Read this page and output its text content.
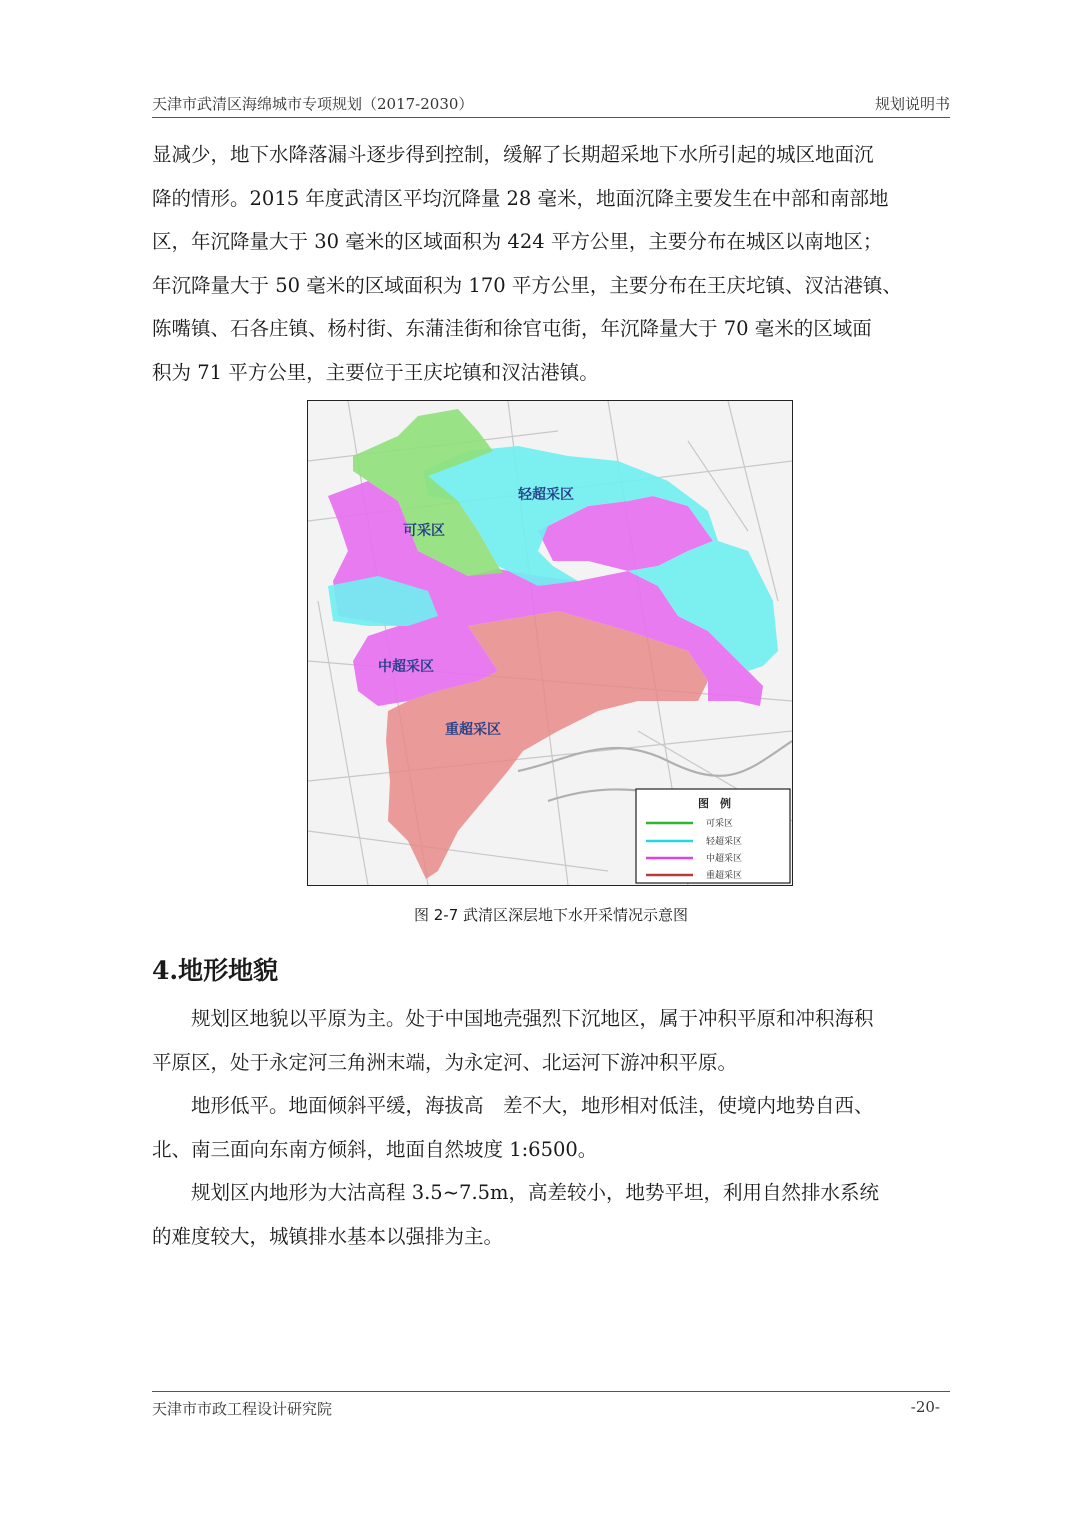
天津市武清区海绵城市专项规划（2017-2030）	规划说明书

显减少，地下水降落漏斗逐步得到控制，缓解了长期超采地下水所引起的城区地面沉
降的情形。2015 年度武清区平均沉降量 28 毫米，地面沉降主要发生在中部和南部地
区，年沉降量大于 30 毫米的区域面积为 424 平方公里，主要分布在城区以南地区；
年沉降量大于 50 毫米的区域面积为 170 平方公里，主要分布在王庆坨镇、汊沽港镇、
陈嘴镇、石各庄镇、杨村街、东蒲洼街和徐官屯街，年沉降量大于 70 毫米的区域面
积为 71 平方公里，主要位于王庆坨镇和汊沽港镇。

可采区
轻超采区
中超采区
重超采区
图　例
可采区
轻超采区
中超采区
重超采区
图 2-7 武清区深层地下水开采情况示意图
4.地形地貌

　　规划区地貌以平原为主。处于中国地壳强烈下沉地区，属于冲积平原和冲积海积
平原区，处于永定河三角洲末端，为永定河、北运河下游冲积平原。

　　地形低平。地面倾斜平缓，海拔高　差不大，地形相对低洼，使境内地势自西、
北、南三面向东南方倾斜，地面自然坡度 1:6500。

　　规划区内地形为大沽高程 3.5~7.5m，高差较小，地势平坦，利用自然排水系统
的难度较大，城镇排水基本以强排为主。

天津市市政工程设计研究院	-20-
